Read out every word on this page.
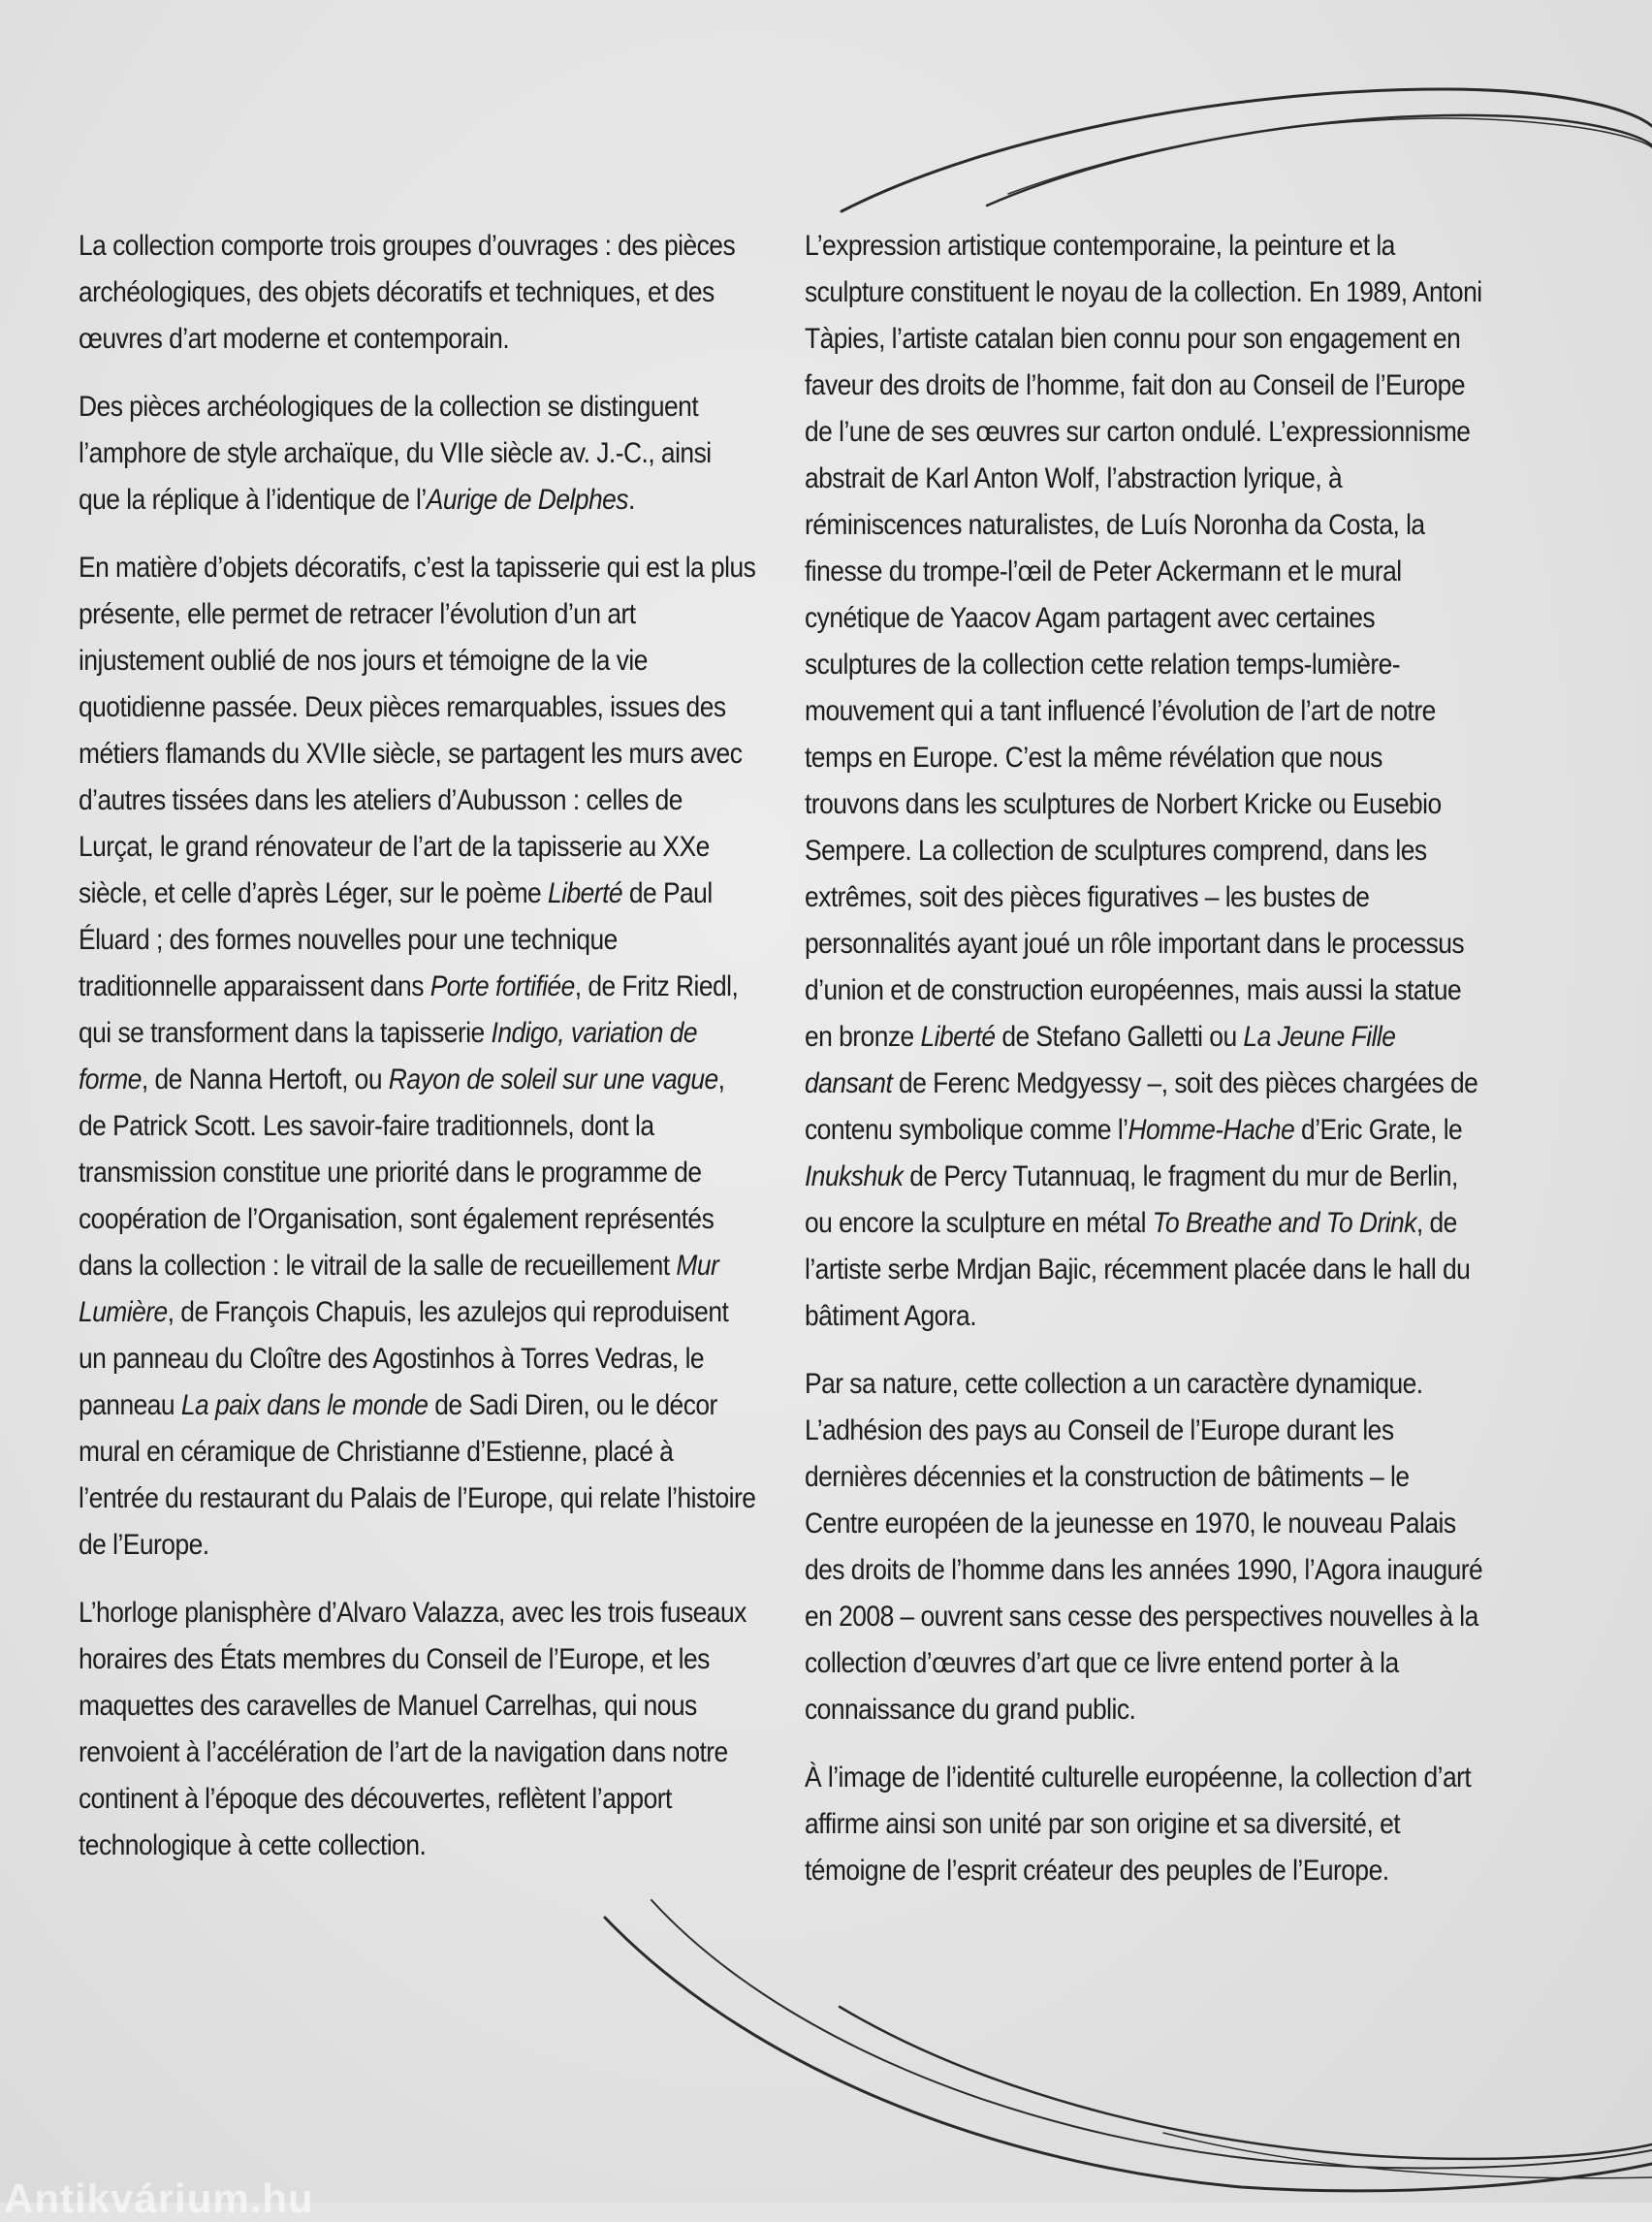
La collection comporte trois groupes d’ouvrages : des pièces archéologiques, des objets décoratifs et techniques, et des œuvres d’art moderne et contemporain.

Des pièces archéologiques de la collection se distinguent l’amphore de style archaïque, du VIIe siècle av. J.-C., ainsi que la réplique à l’identique de l’Aurige de Delphes.

En matière d’objets décoratifs, c’est la tapisserie qui est la plus présente, elle permet de retracer l’évolution d’un art injustement oublié de nos jours et témoigne de la vie quotidienne passée. Deux pièces remarquables, issues des métiers flamands du XVIIe siècle, se partagent les murs avec d’autres tissées dans les ateliers d’Aubusson : celles de Lurçat, le grand rénovateur de l’art de la tapisserie au XXe siècle, et celle d’après Léger, sur le poème Liberté de Paul Éluard ; des formes nouvelles pour une technique traditionnelle apparaissent dans Porte fortifiée, de Fritz Riedl, qui se transforment dans la tapisserie Indigo, variation de forme, de Nanna Hertoft, ou Rayon de soleil sur une vague, de Patrick Scott. Les savoir-faire traditionnels, dont la transmission constitue une priorité dans le programme de coopération de l’Organisation, sont également représentés dans la collection : le vitrail de la salle de recueillement Mur Lumière, de François Chapuis, les azulejos qui reproduisent un panneau du Cloître des Agostinhos à Torres Vedras, le panneau La paix dans le monde de Sadi Diren, ou le décor mural en céramique de Christianne d’Estienne, placé à l’entrée du restaurant du Palais de l’Europe, qui relate l’histoire de l’Europe.

L’horloge planisphère d’Alvaro Valazza, avec les trois fuseaux horaires des États membres du Conseil de l’Europe, et les maquettes des caravelles de Manuel Carrelhas, qui nous renvoient à l’accélération de l’art de la navigation dans notre continent à l’époque des découvertes, reflètent l’apport technologique à cette collection.

L’expression artistique contemporaine, la peinture et la sculpture constituent le noyau de la collection. En 1989, Antoni Tàpies, l’artiste catalan bien connu pour son engagement en faveur des droits de l’homme, fait don au Conseil de l’Europe de l’une de ses œuvres sur carton ondulé. L’expressionnisme abstrait de Karl Anton Wolf, l’abstraction lyrique, à réminiscences naturalistes, de Luís Noronha da Costa, la finesse du trompe-l’œil de Peter Ackermann et le mural cynétique de Yaacov Agam partagent avec certaines sculptures de la collection cette relation temps-lumière-mouvement qui a tant influencé l’évolution de l’art de notre temps en Europe. C’est la même révélation que nous trouvons dans les sculptures de Norbert Kricke ou Eusebio Sempere. La collection de sculptures comprend, dans les extrêmes, soit des pièces figuratives – les bustes de personnalités ayant joué un rôle important dans le processus d’union et de construction européennes, mais aussi la statue en bronze Liberté de Stefano Galletti ou La Jeune Fille dansant de Ferenc Medgyessy –, soit des pièces chargées de contenu symbolique comme l’Homme-Hache d’Eric Grate, le Inukshuk de Percy Tutannuaq, le fragment du mur de Berlin, ou encore la sculpture en métal To Breathe and To Drink, de l’artiste serbe Mrdjan Bajic, récemment placée dans le hall du bâtiment Agora.

Par sa nature, cette collection a un caractère dynamique. L’adhésion des pays au Conseil de l’Europe durant les dernières décennies et la construction de bâtiments – le Centre européen de la jeunesse en 1970, le nouveau Palais des droits de l’homme dans les années 1990, l’Agora inauguré en 2008 – ouvrent sans cesse des perspectives nouvelles à la collection d’œuvres d’art que ce livre entend porter à la connaissance du grand public.

À l’image de l’identité culturelle européenne, la collection d’art affirme ainsi son unité par son origine et sa diversité, et témoigne de l’esprit créateur des peuples de l’Europe.

Antikvárium.hu
